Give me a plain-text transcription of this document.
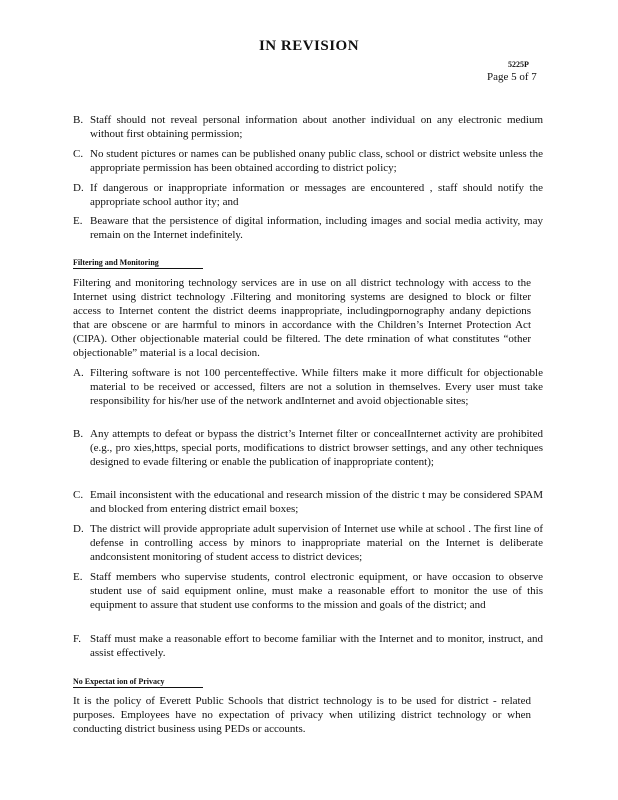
IN REVISION
5225P
Page 5 of 7
B. Staff should not reveal personal information about another individual on any electronic medium without first obtaining permission;
C. No student pictures or names can be published onany public class, school or district website unless the appropriate permission has been obtained according to district policy;
D. If dangerous or inappropriate information or messages are encountered , staff should notify the appropriate school author ity; and
E. Beaware that the persistence of digital information, including images and social media activity, may remain on the Internet indefinitely.
Filtering and Monitoring
Filtering and monitoring technology services are in use on all district technology with access to the Internet using district technology .Filtering and monitoring systems are designed to block or filter access to Internet content the district deems inappropriate, includingpornography andany depictions that are obscene or are harmful to minors in accordance with the Children’s Internet Protection Act (CIPA). Other objectionable material could be filtered. The dete rmination of what constitutes “other objectionable” material is a local decision.
A. Filtering software is not 100 percenteffective. While filters make it more difficult for objectionable material to be received or accessed, filters are not a solution in themselves. Every user must take responsibility for his/her use of the network andInternet and avoid objectionable sites;
B. Any attempts to defeat or bypass the district’s Internet filter or concealInternet activity are prohibited (e.g., pro xies,https, special ports, modifications to district browser settings, and any other techniques designed to evade filtering or enable the publication of inappropriate content);
C. Email inconsistent with the educational and research mission of the distric t may be considered SPAM and blocked from entering district email boxes;
D. The district will provide appropriate adult supervision of Internet use while at school . The first line of defense in controlling access by minors to inappropriate material on the Internet is deliberate andconsistent monitoring of student access to district devices;
E. Staff members who supervise students, control electronic equipment, or have occasion to observe student use of said equipment online, must make a reasonable effort to monitor the use of this equipment to assure that student use conforms to the mission and goals of the district; and
F. Staff must make a reasonable effort to become familiar with the Internet and to monitor, instruct, and assist effectively.
No Expectat ion of Privacy
It is the policy of Everett Public Schools that district technology is to be used for district - related purposes. Employees have no expectation of privacy when utilizing district technology or when conducting district business using PEDs or accounts.
